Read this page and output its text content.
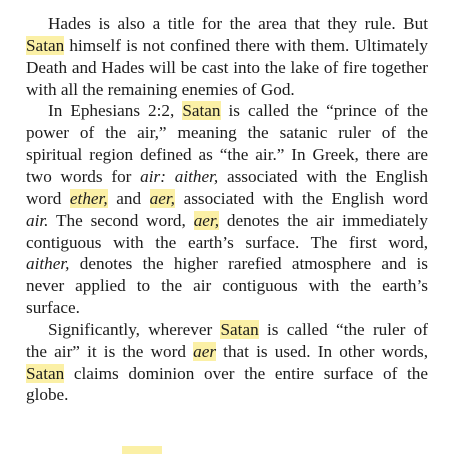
Hades is also a title for the area that they rule. But
Satan himself is not confined there with them. Ultimately
Death and Hades will be cast into the lake of fire together
with all the remaining enemies of God.
In Ephesians 2:2, Satan is called the “prince of the
power of the air,” meaning the satanic ruler of the
spiritual region defined as “the air.” In Greek, there are
two words for air: aither, associated with the English
word ether, and aer, associated with the English word
air. The second word, aer, denotes the air immediately
contiguous with the earth’s surface. The first word,
aither, denotes the higher rarefied atmosphere and is
never applied to the air contiguous with the earth’s
surface.
Significantly, wherever Satan is called “the ruler of
the air” it is the word aer that is used. In other words,
Satan claims dominion over the entire surface of the
globe.
